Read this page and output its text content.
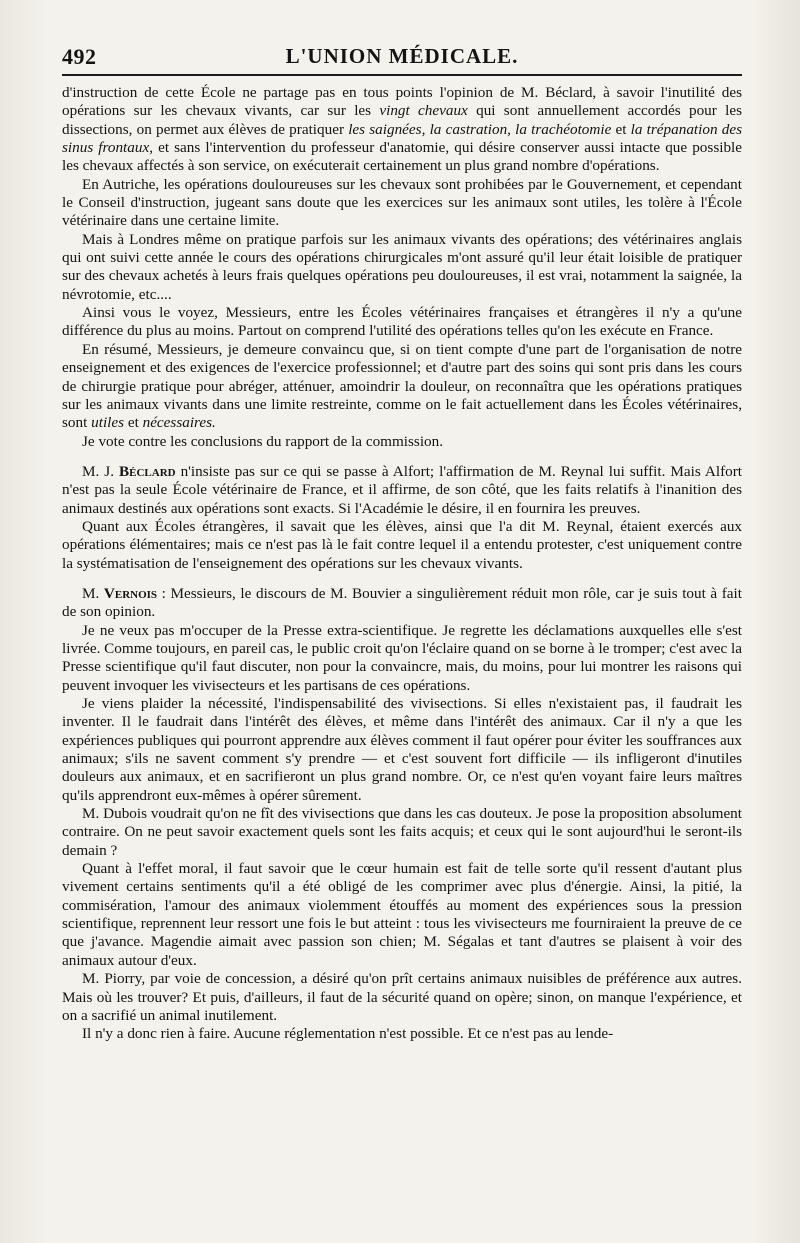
492	L'UNION MÉDICALE.

d'instruction de cette École ne partage pas en tous points l'opinion de M. Béclard, à savoir l'inutilité des opérations sur les chevaux vivants, car sur les vingt chevaux qui sont annuellement accordés pour les dissections, on permet aux élèves de pratiquer les saignées, la castration, la trachéotomie et la trépanation des sinus frontaux, et sans l'intervention du professeur d'anatomie, qui désire conserver aussi intacte que possible les chevaux affectés à son service, on exécuterait certainement un plus grand nombre d'opérations.

En Autriche, les opérations douloureuses sur les chevaux sont prohibées par le Gouvernement, et cependant le Conseil d'instruction, jugeant sans doute que les exercices sur les animaux sont utiles, les tolère à l'École vétérinaire dans une certaine limite.

Mais à Londres même on pratique parfois sur les animaux vivants des opérations; des vétérinaires anglais qui ont suivi cette année le cours des opérations chirurgicales m'ont assuré qu'il leur était loisible de pratiquer sur des chevaux achetés à leurs frais quelques opérations peu douloureuses, il est vrai, notamment la saignée, la névrotomie, etc....

Ainsi vous le voyez, Messieurs, entre les Écoles vétérinaires françaises et étrangères il n'y a qu'une différence du plus au moins. Partout on comprend l'utilité des opérations telles qu'on les exécute en France.

En résumé, Messieurs, je demeure convaincu que, si on tient compte d'une part de l'organisation de notre enseignement et des exigences de l'exercice professionnel; et d'autre part des soins qui sont pris dans les cours de chirurgie pratique pour abréger, atténuer, amoindrir la douleur, on reconnaîtra que les opérations pratiques sur les animaux vivants dans une limite restreinte, comme on le fait actuellement dans les Écoles vétérinaires, sont utiles et nécessaires.

Je vote contre les conclusions du rapport de la commission.

M. J. Béclard n'insiste pas sur ce qui se passe à Alfort; l'affirmation de M. Reynal lui suffit. Mais Alfort n'est pas la seule École vétérinaire de France, et il affirme, de son côté, que les faits relatifs à l'inanition des animaux destinés aux opérations sont exacts. Si l'Académie le désire, il en fournira les preuves.

Quant aux Écoles étrangères, il savait que les élèves, ainsi que l'a dit M. Reynal, étaient exercés aux opérations élémentaires; mais ce n'est pas là le fait contre lequel il a entendu protester, c'est uniquement contre la systématisation de l'enseignement des opérations sur les chevaux vivants.

M. Vernois : Messieurs, le discours de M. Bouvier a singulièrement réduit mon rôle, car je suis tout à fait de son opinion.

Je ne veux pas m'occuper de la Presse extra-scientifique. Je regrette les déclamations auxquelles elle s'est livrée. Comme toujours, en pareil cas, le public croit qu'on l'éclaire quand on se borne à le tromper; c'est avec la Presse scientifique qu'il faut discuter, non pour la convaincre, mais, du moins, pour lui montrer les raisons qui peuvent invoquer les vivisecteurs et les partisans de ces opérations.

Je viens plaider la nécessité, l'indispensabilité des vivisections. Si elles n'existaient pas, il faudrait les inventer. Il le faudrait dans l'intérêt des élèves, et même dans l'intérêt des animaux. Car il n'y a que les expériences publiques qui pourront apprendre aux élèves comment il faut opérer pour éviter les souffrances aux animaux; s'ils ne savent comment s'y prendre — et c'est souvent fort difficile — ils infligeront d'inutiles douleurs aux animaux, et en sacrifieront un plus grand nombre. Or, ce n'est qu'en voyant faire leurs maîtres qu'ils apprendront eux-mêmes à opérer sûrement.

M. Dubois voudrait qu'on ne fît des vivisections que dans les cas douteux. Je pose la proposition absolument contraire. On ne peut savoir exactement quels sont les faits acquis; et ceux qui le sont aujourd'hui le seront-ils demain ?

Quant à l'effet moral, il faut savoir que le cœur humain est fait de telle sorte qu'il ressent d'autant plus vivement certains sentiments qu'il a été obligé de les comprimer avec plus d'énergie. Ainsi, la pitié, la commisération, l'amour des animaux violemment étouffés au moment des expériences sous la pression scientifique, reprennent leur ressort une fois le but atteint : tous les vivisecteurs me fourniraient la preuve de ce que j'avance. Magendie aimait avec passion son chien; M. Ségalas et tant d'autres se plaisent à voir des animaux autour d'eux.

M. Piorry, par voie de concession, a désiré qu'on prît certains animaux nuisibles de préférence aux autres. Mais où les trouver? Et puis, d'ailleurs, il faut de la sécurité quand on opère; sinon, on manque l'expérience, et on a sacrifié un animal inutilement.

Il n'y a donc rien à faire. Aucune réglementation n'est possible. Et ce n'est pas au lende-
